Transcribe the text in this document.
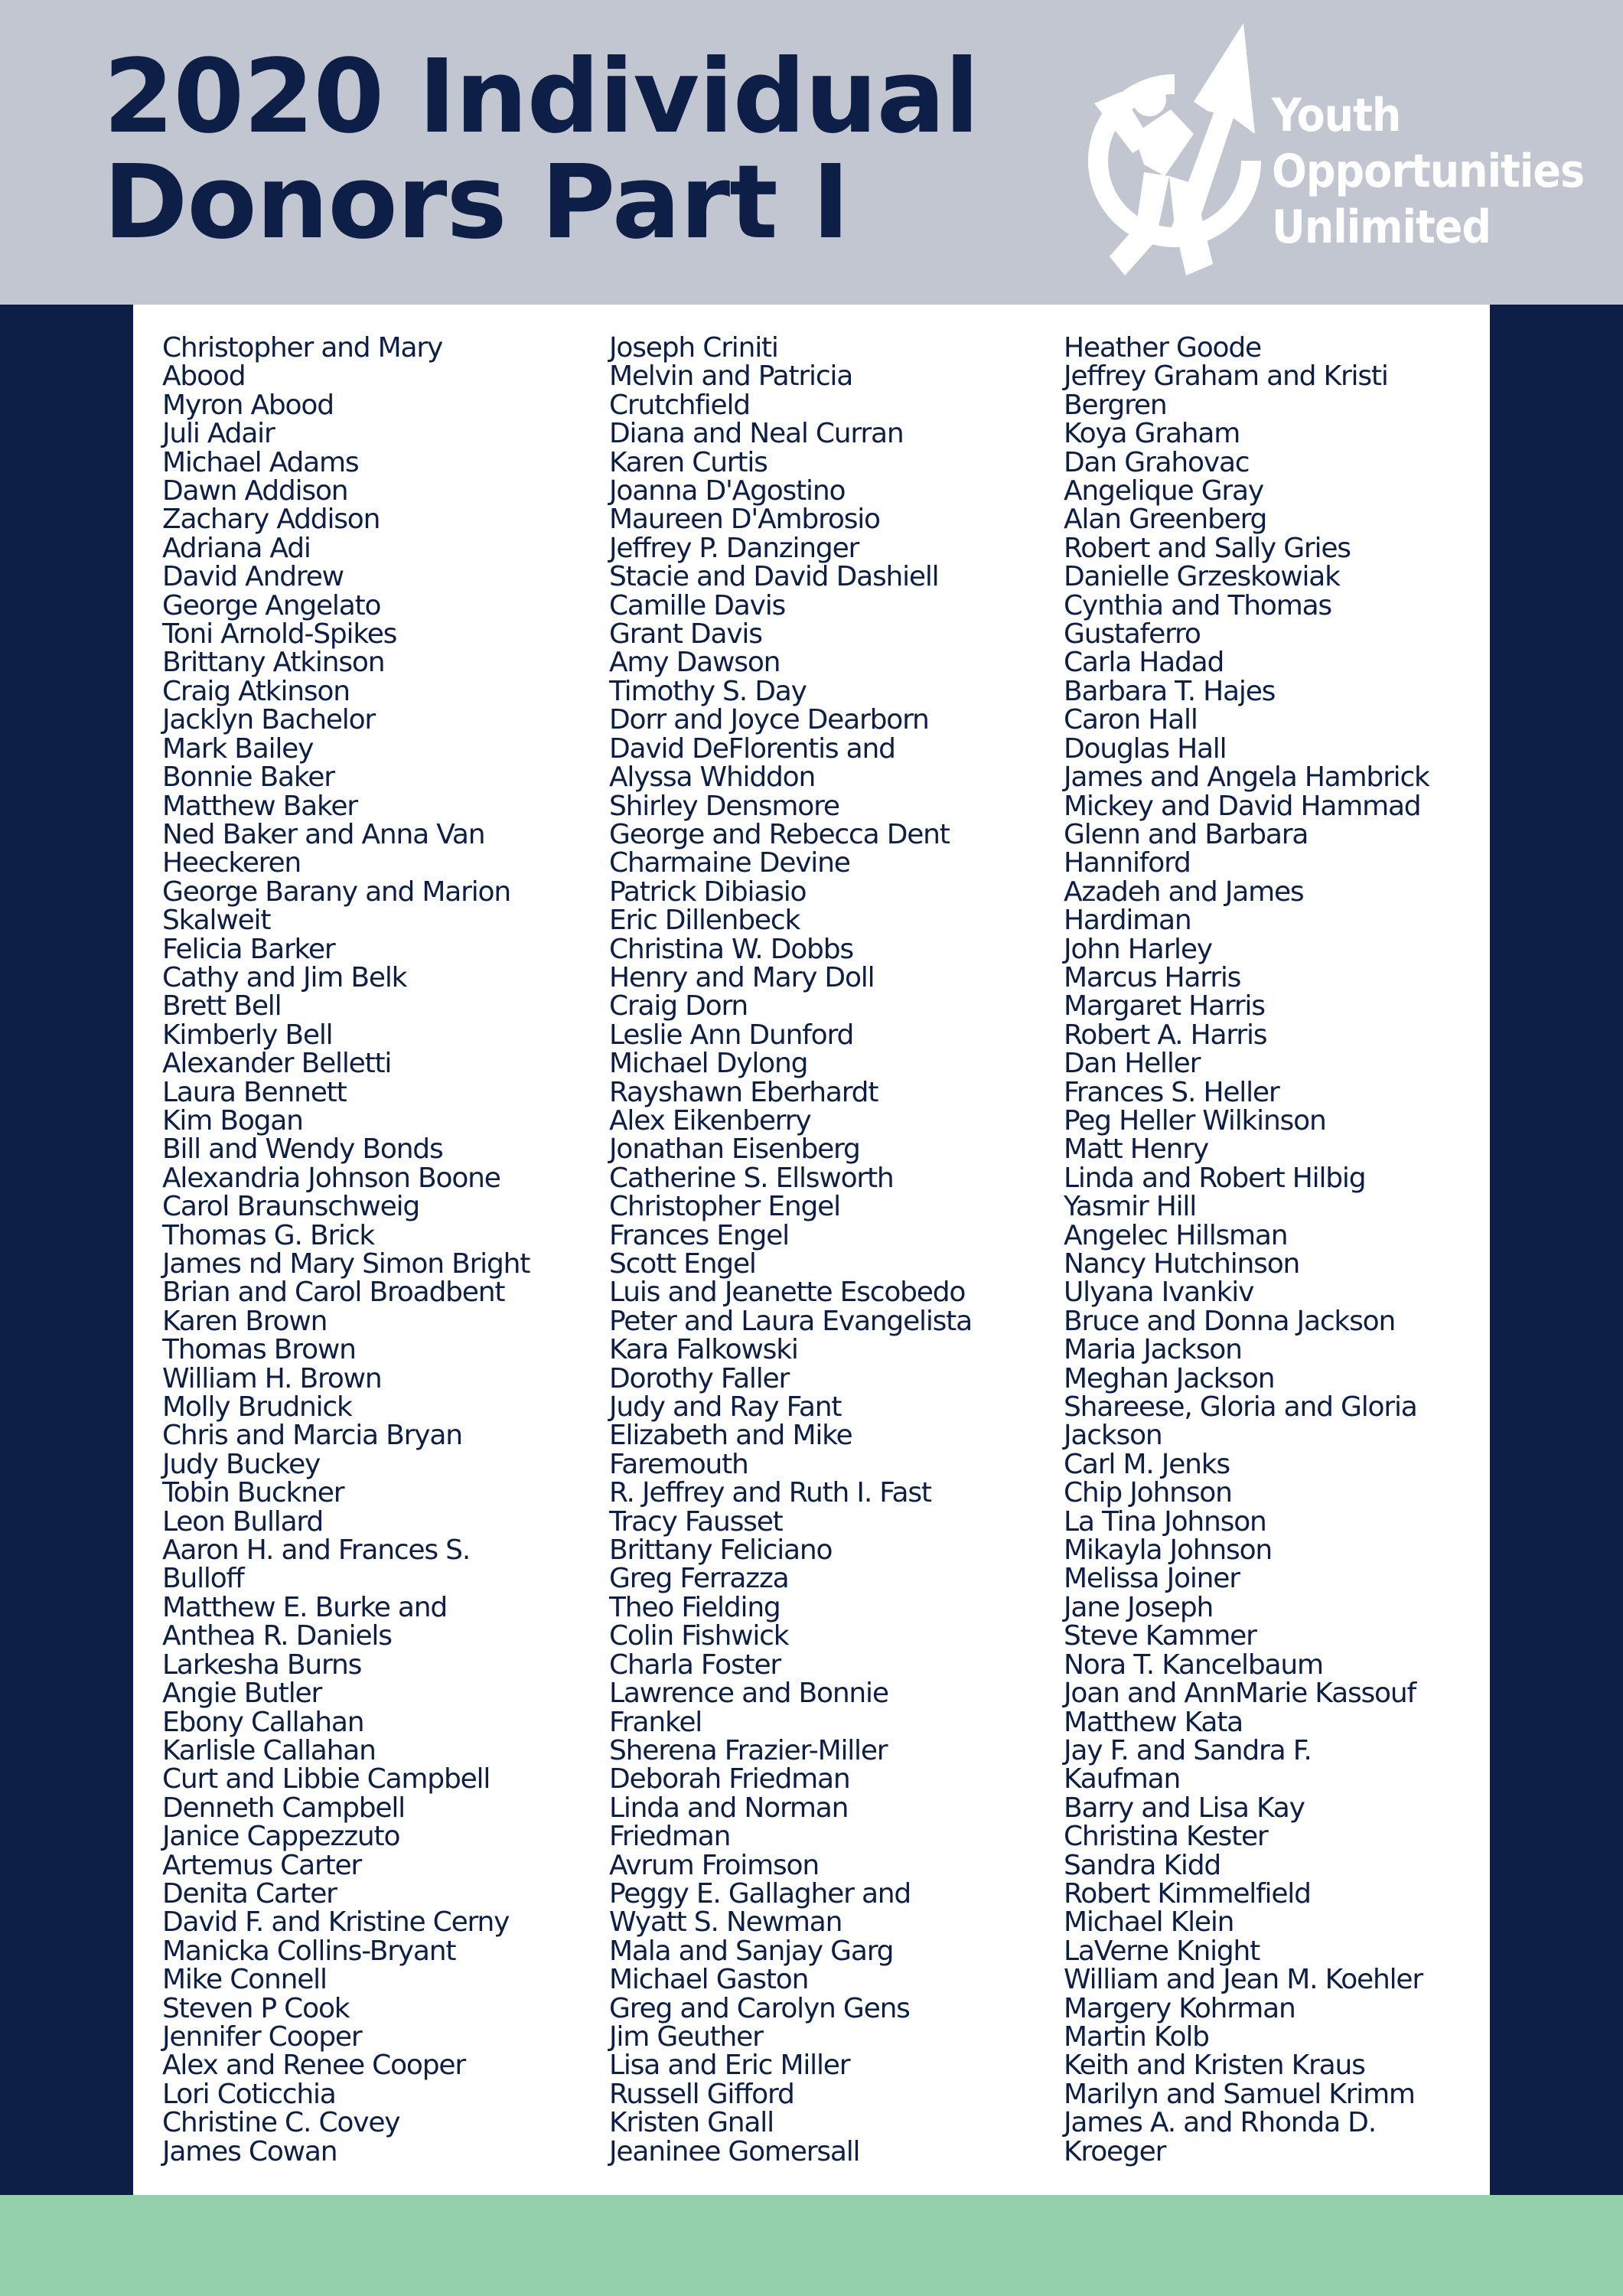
2020 Individual
Donors Part I
Youth
Opportunities
Unlimited
Christopher and Mary
Abood
Myron Abood
Juli Adair
Michael Adams
Dawn Addison
Zachary Addison
Adriana Adi
David Andrew
George Angelato
Toni Arnold-Spikes
Brittany Atkinson
Craig Atkinson
Jacklyn Bachelor
Mark Bailey
Bonnie Baker
Matthew Baker
Ned Baker and Anna Van
Heeckeren
George Barany and Marion
Skalweit
Felicia Barker
Cathy and Jim Belk
Brett Bell
Kimberly Bell
Alexander Belletti
Laura Bennett
Kim Bogan
Bill and Wendy Bonds
Alexandria Johnson Boone
Carol Braunschweig
Thomas G. Brick
James nd Mary Simon Bright
Brian and Carol Broadbent
Karen Brown
Thomas Brown
William H. Brown
Molly Brudnick
Chris and Marcia Bryan
Judy Buckey
Tobin Buckner
Leon Bullard
Aaron H. and Frances S.
Bulloff
Matthew E. Burke and
Anthea R. Daniels
Larkesha Burns
Angie Butler
Ebony Callahan
Karlisle Callahan
Curt and Libbie Campbell
Denneth Campbell
Janice Cappezzuto
Artemus Carter
Denita Carter
David F. and Kristine Cerny
Manicka Collins-Bryant
Mike Connell
Steven P Cook
Jennifer Cooper
Alex and Renee Cooper
Lori Coticchia
Christine C. Covey
James Cowan
Joseph Criniti
Melvin and Patricia
Crutchfield
Diana and Neal Curran
Karen Curtis
Joanna D'Agostino
Maureen D'Ambrosio
Jeffrey P. Danzinger
Stacie and David Dashiell
Camille Davis
Grant Davis
Amy Dawson
Timothy S. Day
Dorr and Joyce Dearborn
David DeFlorentis and
Alyssa Whiddon
Shirley Densmore
George and Rebecca Dent
Charmaine Devine
Patrick Dibiasio
Eric Dillenbeck
Christina W. Dobbs
Henry and Mary Doll
Craig Dorn
Leslie Ann Dunford
Michael Dylong
Rayshawn Eberhardt
Alex Eikenberry
Jonathan Eisenberg
Catherine S. Ellsworth
Christopher Engel
Frances Engel
Scott Engel
Luis and Jeanette Escobedo
Peter and Laura Evangelista
Kara Falkowski
Dorothy Faller
Judy and Ray Fant
Elizabeth and Mike
Faremouth
R. Jeffrey and Ruth I. Fast
Tracy Fausset
Brittany Feliciano
Greg Ferrazza
Theo Fielding
Colin Fishwick
Charla Foster
Lawrence and Bonnie
Frankel
Sherena Frazier-Miller
Deborah Friedman
Linda and Norman
Friedman
Avrum Froimson
Peggy E. Gallagher and
Wyatt S. Newman
Mala and Sanjay Garg
Michael Gaston
Greg and Carolyn Gens
Jim Geuther
Lisa and Eric Miller
Russell Gifford
Kristen Gnall
Jeaninee Gomersall
Heather Goode
Jeffrey Graham and Kristi
Bergren
Koya Graham
Dan Grahovac
Angelique Gray
Alan Greenberg
Robert and Sally Gries
Danielle Grzeskowiak
Cynthia and Thomas
Gustaferro
Carla Hadad
Barbara T. Hajes
Caron Hall
Douglas Hall
James and Angela Hambrick
Mickey and David Hammad
Glenn and Barbara
Hanniford
Azadeh and James
Hardiman
John Harley
Marcus Harris
Margaret Harris
Robert A. Harris
Dan Heller
Frances S. Heller
Peg Heller Wilkinson
Matt Henry
Linda and Robert Hilbig
Yasmir Hill
Angelec Hillsman
Nancy Hutchinson
Ulyana Ivankiv
Bruce and Donna Jackson
Maria Jackson
Meghan Jackson
Shareese, Gloria and Gloria
Jackson
Carl M. Jenks
Chip Johnson
La Tina Johnson
Mikayla Johnson
Melissa Joiner
Jane Joseph
Steve Kammer
Nora T. Kancelbaum
Joan and AnnMarie Kassouf
Matthew Kata
Jay F. and Sandra F.
Kaufman
Barry and Lisa Kay
Christina Kester
Sandra Kidd
Robert Kimmelfield
Michael Klein
LaVerne Knight
William and Jean M. Koehler
Margery Kohrman
Martin Kolb
Keith and Kristen Kraus
Marilyn and Samuel Krimm
James A. and Rhonda D.
Kroeger
